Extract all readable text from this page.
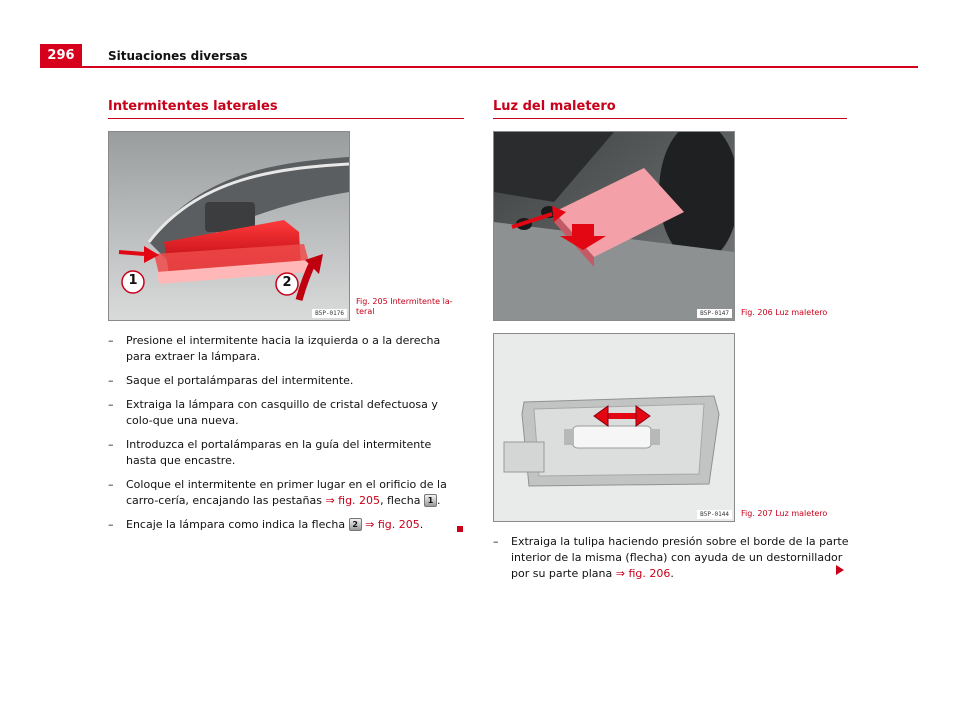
296	Situaciones diversas
Intermitentes laterales
1	2
B5P-0176
Fig. 205 Intermitente la-
teral
– Presione el intermitente hacia la izquierda o a la derecha para extraer la lámpara.
– Saque el portalámparas del intermitente.
– Extraiga la lámpara con casquillo de cristal defectuosa y colo-que una nueva.
– Introduzca el portalámparas en la guía del intermitente hasta que encastre.
– Coloque el intermitente en primer lugar en el orificio de la carro-cería, encajando las pestañas ⇒ fig. 205, flecha 1 .
– Encaje la lámpara como indica la flecha 2 ⇒ fig. 205.
Luz del maletero
B5P-0147	Fig. 206 Luz maletero
B5P-0144	Fig. 207 Luz maletero
– Extraiga la tulipa haciendo presión sobre el borde de la parte interior de la misma (flecha) con ayuda de un destornillador por su parte plana ⇒ fig. 206.
